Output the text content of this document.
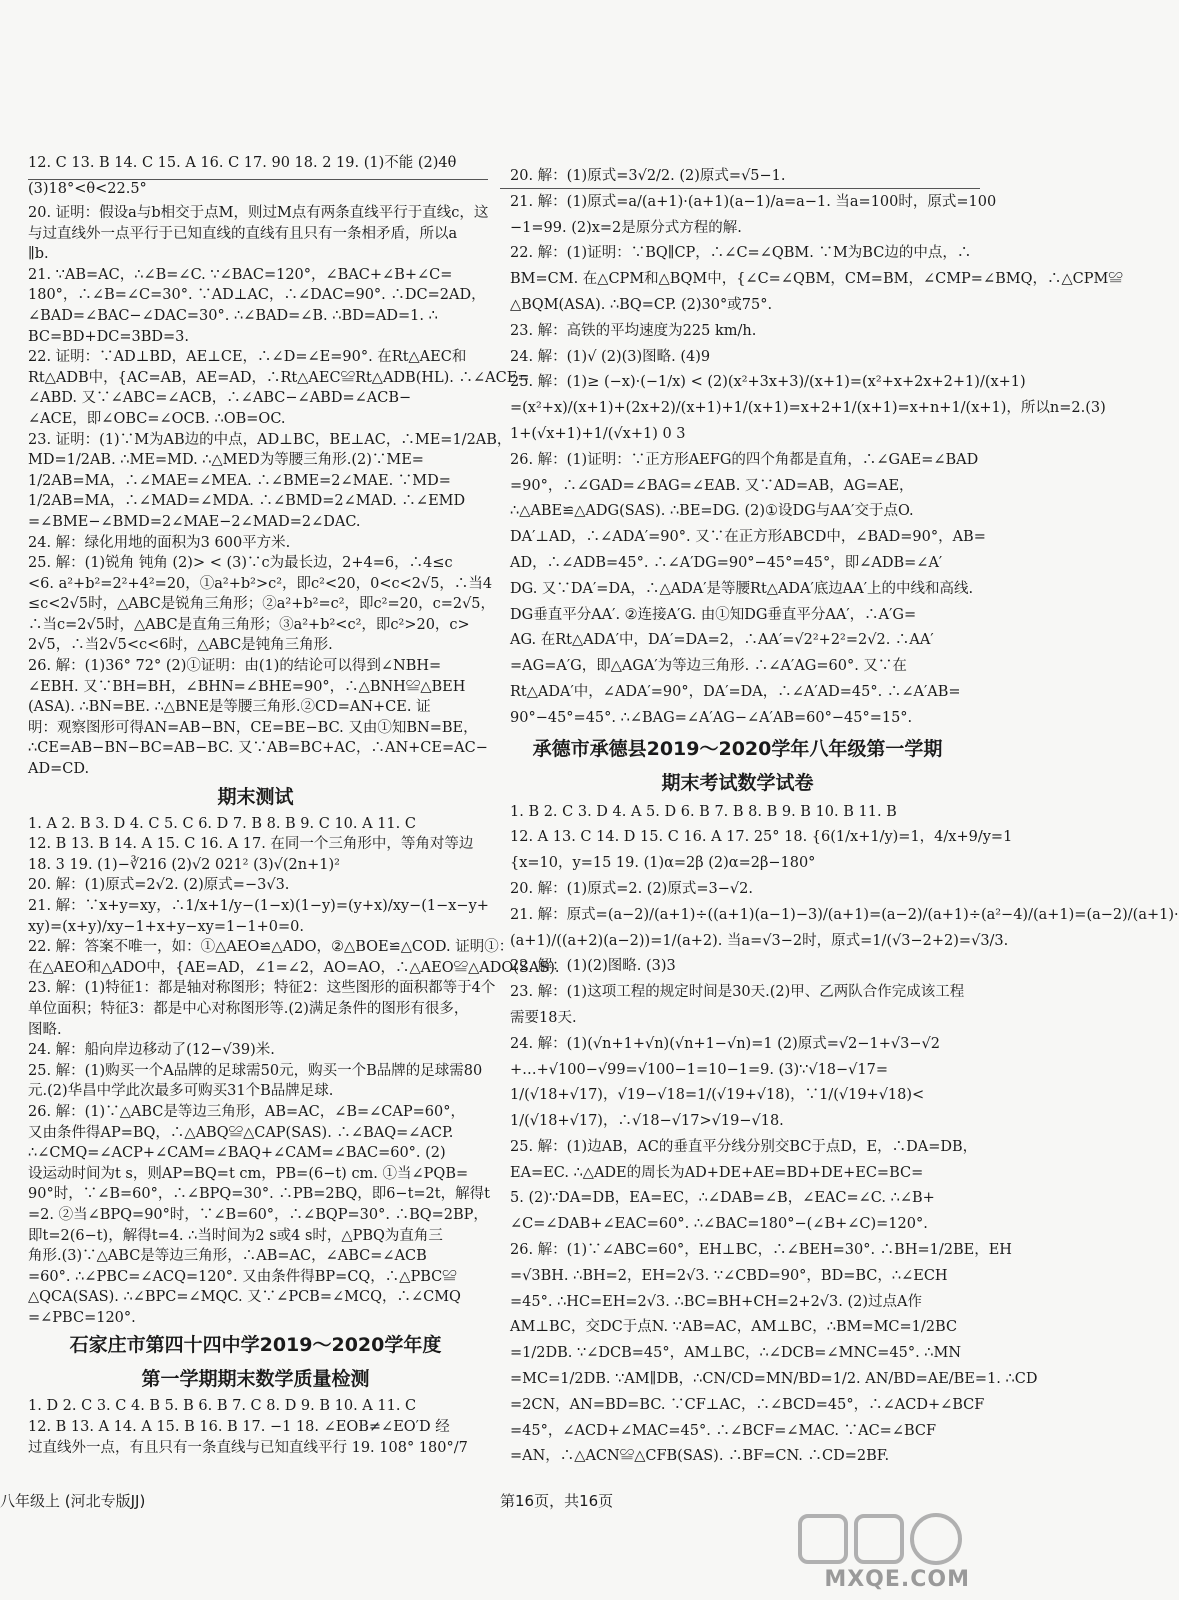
12. C 13. B 14. C 15. A 16. C 17. 90 18. 2 19. (1)不能 (2)4θ
(3)18°<θ<22.5°
20. 证明：假设a与b相交于点M，则过M点有两条直线平行于直线c，这
与过直线外一点平行于已知直线的直线有且只有一条相矛盾，所以a
∥b.
21. ∵AB=AC，∴∠B=∠C. ∵∠BAC=120°，∠BAC+∠B+∠C=
180°，∴∠B=∠C=30°. ∵AD⊥AC，∴∠DAC=90°. ∴DC=2AD，
∠BAD=∠BAC−∠DAC=30°. ∴∠BAD=∠B. ∴BD=AD=1. ∴
BC=BD+DC=3BD=3.
22. 证明：∵AD⊥BD，AE⊥CE，∴∠D=∠E=90°. 在Rt△AEC和
Rt△ADB中，{AC=AB，AE=AD，∴Rt△AEC≌Rt△ADB(HL). ∴∠ACE=
∠ABD. 又∵∠ABC=∠ACB，∴∠ABC−∠ABD=∠ACB−
∠ACE，即∠OBC=∠OCB. ∴OB=OC.
23. 证明：(1)∵M为AB边的中点，AD⊥BC，BE⊥AC，∴ME=1/2AB，
MD=1/2AB. ∴ME=MD. ∴△MED为等腰三角形.(2)∵ME=
1/2AB=MA，∴∠MAE=∠MEA. ∴∠BME=2∠MAE. ∵MD=
1/2AB=MA，∴∠MAD=∠MDA. ∴∠BMD=2∠MAD. ∴∠EMD
=∠BME−∠BMD=2∠MAE−2∠MAD=2∠DAC.
24. 解：绿化用地的面积为3 600平方米.
25. 解：(1)锐角 钝角 (2)> < (3)∵c为最长边，2+4=6，∴4≤c
<6. a²+b²=2²+4²=20，①a²+b²>c²，即c²<20，0<c<2√5，∴当4
≤c<2√5时，△ABC是锐角三角形；②a²+b²=c²，即c²=20，c=2√5，
∴当c=2√5时，△ABC是直角三角形；③a²+b²<c²，即c²>20，c>
2√5，∴当2√5<c<6时，△ABC是钝角三角形.
26. 解：(1)36° 72° (2)①证明：由(1)的结论可以得到∠NBH=
∠EBH. 又∵BH=BH，∠BHN=∠BHE=90°，∴△BNH≌△BEH
(ASA). ∴BN=BE. ∴△BNE是等腰三角形.②CD=AN+CE. 证
明：观察图形可得AN=AB−BN，CE=BE−BC. 又由①知BN=BE，
∴CE=AB−BN−BC=AB−BC. 又∵AB=BC+AC，∴AN+CE=AC−
AD=CD.
期末测试
1. A 2. B 3. D 4. C 5. C 6. D 7. B 8. B 9. C 10. A 11. C
12. B 13. B 14. A 15. C 16. A 17. 在同一个三角形中，等角对等边
18. 3 19. (1)−∛216 (2)√2 021² (3)√(2n+1)²
20. 解：(1)原式=2√2. (2)原式=−3√3.
21. 解：∵x+y=xy，∴1/x+1/y−(1−x)(1−y)=(y+x)/xy−(1−x−y+
xy)=(x+y)/xy−1+x+y−xy=1−1+0=0.
22. 解：答案不唯一，如：①△AEO≌△ADO，②△BOE≌△COD. 证明①：
在△AEO和△ADO中，{AE=AD，∠1=∠2，AO=AO，∴△AEO≌△ADO(SAS).
23. 解：(1)特征1：都是轴对称图形；特征2：这些图形的面积都等于4个
单位面积；特征3：都是中心对称图形等.(2)满足条件的图形有很多，
图略.
24. 解：船向岸边移动了(12−√39)米.
25. 解：(1)购买一个A品牌的足球需50元，购买一个B品牌的足球需80
元.(2)华昌中学此次最多可购买31个B品牌足球.
26. 解：(1)∵△ABC是等边三角形，AB=AC，∠B=∠CAP=60°，
又由条件得AP=BQ，∴△ABQ≌△CAP(SAS). ∴∠BAQ=∠ACP.
∴∠CMQ=∠ACP+∠CAM=∠BAQ+∠CAM=∠BAC=60°. (2)
设运动时间为t s，则AP=BQ=t cm，PB=(6−t) cm. ①当∠PQB=
90°时，∵∠B=60°，∴∠BPQ=30°. ∴PB=2BQ，即6−t=2t，解得t
=2. ②当∠BPQ=90°时，∵∠B=60°，∴∠BQP=30°. ∴BQ=2BP，
即t=2(6−t)，解得t=4. ∴当时间为2 s或4 s时，△PBQ为直角三
角形.(3)∵△ABC是等边三角形，∴AB=AC，∠ABC=∠ACB
=60°. ∴∠PBC=∠ACQ=120°. 又由条件得BP=CQ，∴△PBC≌
△QCA(SAS). ∴∠BPC=∠MQC. 又∵∠PCB=∠MCQ，∴∠CMQ
=∠PBC=120°.
石家庄市第四十四中学2019～2020学年度
第一学期期末数学质量检测
1. D 2. C 3. C 4. B 5. B 6. B 7. C 8. D 9. B 10. A 11. C
12. B 13. A 14. A 15. B 16. B 17. −1 18. ∠EOB≠∠EO′D 经
过直线外一点，有且只有一条直线与已知直线平行 19. 108° 180°/7
20. 解：(1)原式=3√2/2. (2)原式=√5−1.
21. 解：(1)原式=a/(a+1)·(a+1)(a−1)/a=a−1. 当a=100时，原式=100
−1=99. (2)x=2是原分式方程的解.
22. 解：(1)证明：∵BQ∥CP，∴∠C=∠QBM. ∵M为BC边的中点，∴
BM=CM. 在△CPM和△BQM中，{∠C=∠QBM，CM=BM，∠CMP=∠BMQ，∴△CPM≌
△BQM(ASA). ∴BQ=CP. (2)30°或75°.
23. 解：高铁的平均速度为225 km/h.
24. 解：(1)√ (2)(3)图略. (4)9
25. 解：(1)≥ (−x)·(−1/x) < (2)(x²+3x+3)/(x+1)=(x²+x+2x+2+1)/(x+1)
=(x²+x)/(x+1)+(2x+2)/(x+1)+1/(x+1)=x+2+1/(x+1)=x+n+1/(x+1)，所以n=2.(3)
1+(√x+1)+1/(√x+1) 0 3
26. 解：(1)证明：∵正方形AEFG的四个角都是直角，∴∠GAE=∠BAD
=90°，∴∠GAD=∠BAG=∠EAB. 又∵AD=AB，AG=AE，
∴△ABE≌△ADG(SAS). ∴BE=DG. (2)①设DG与AA′交于点O.
DA′⊥AD，∴∠ADA′=90°. 又∵在正方形ABCD中，∠BAD=90°，AB=
AD，∴∠ADB=45°. ∴∠A′DG=90°−45°=45°，即∠ADB=∠A′
DG. 又∵DA′=DA，∴△ADA′是等腰Rt△ADA′底边AA′上的中线和高线.
DG垂直平分AA′. ②连接A′G. 由①知DG垂直平分AA′，∴A′G=
AG. 在Rt△ADA′中，DA′=DA=2，∴AA′=√2²+2²=2√2. ∴AA′
=AG=A′G，即△AGA′为等边三角形. ∴∠A′AG=60°. 又∵在
Rt△ADA′中，∠ADA′=90°，DA′=DA，∴∠A′AD=45°. ∴∠A′AB=
90°−45°=45°. ∴∠BAG=∠A′AG−∠A′AB=60°−45°=15°.
承德市承德县2019～2020学年八年级第一学期
期末考试数学试卷
1. B 2. C 3. D 4. A 5. D 6. B 7. B 8. B 9. B 10. B 11. B
12. A 13. C 14. D 15. C 16. A 17. 25° 18. {6(1/x+1/y)=1，4/x+9/y=1
{x=10，y=15 19. (1)α=2β (2)α=2β−180°
20. 解：(1)原式=2. (2)原式=3−√2.
21. 解：原式=(a−2)/(a+1)÷((a+1)(a−1)−3)/(a+1)=(a−2)/(a+1)÷(a²−4)/(a+1)=(a−2)/(a+1)·
(a+1)/((a+2)(a−2))=1/(a+2). 当a=√3−2时，原式=1/(√3−2+2)=√3/3.
22. 解：(1)(2)图略. (3)3
23. 解：(1)这项工程的规定时间是30天.(2)甲、乙两队合作完成该工程
需要18天.
24. 解：(1)(√n+1+√n)(√n+1−√n)=1 (2)原式=√2−1+√3−√2
+…+√100−√99=√100−1=10−1=9. (3)∵√18−√17=
1/(√18+√17)，√19−√18=1/(√19+√18)，∵1/(√19+√18)<
1/(√18+√17)，∴√18−√17>√19−√18.
25. 解：(1)边AB，AC的垂直平分线分别交BC于点D，E，∴DA=DB，
EA=EC. ∴△ADE的周长为AD+DE+AE=BD+DE+EC=BC=
5. (2)∵DA=DB，EA=EC，∴∠DAB=∠B，∠EAC=∠C. ∴∠B+
∠C=∠DAB+∠EAC=60°. ∴∠BAC=180°−(∠B+∠C)=120°.
26. 解：(1)∵∠ABC=60°，EH⊥BC，∴∠BEH=30°. ∴BH=1/2BE，EH
=√3BH. ∴BH=2，EH=2√3. ∵∠CBD=90°，BD=BC，∴∠ECH
=45°. ∴HC=EH=2√3. ∴BC=BH+CH=2+2√3. (2)过点A作
AM⊥BC，交DC于点N. ∵AB=AC，AM⊥BC，∴BM=MC=1/2BC
=1/2DB. ∵∠DCB=45°，AM⊥BC，∴∠DCB=∠MNC=45°. ∴MN
=MC=1/2DB. ∵AM∥DB，∴CN/CD=MN/BD=1/2. AN/BD=AE/BE=1. ∴CD
=2CN，AN=BD=BC. ∵CF⊥AC，∴∠BCD=45°，∴∠ACD+∠BCF
=45°，∠ACD+∠MAC=45°. ∴∠BCF=∠MAC. ∵AC=∠BCF
=AN，∴△ACN≌△CFB(SAS). ∴BF=CN. ∴CD=2BF.
八年级上 (河北专版JJ)	第16页，共16页
MXQE.COM
